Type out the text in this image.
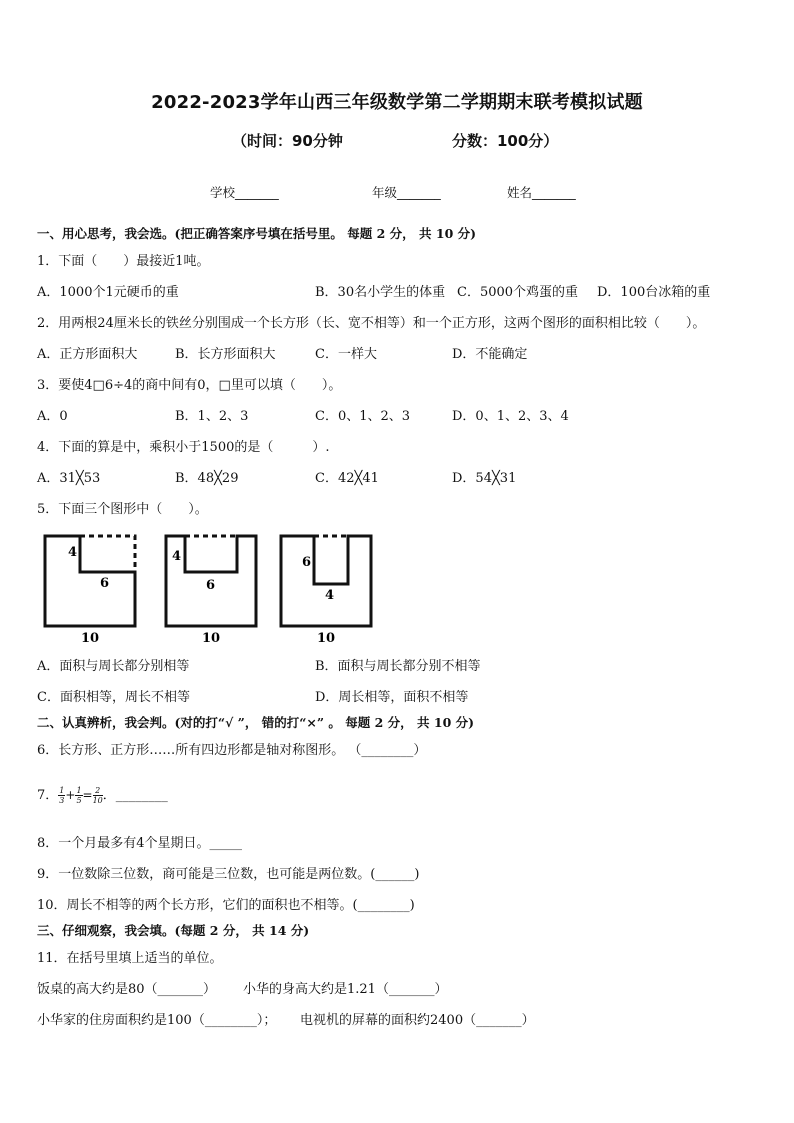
2022-2023学年山西三年级数学第二学期期末联考模拟试题
（时间：90分钟	分数：100分）
学校_______	年级_______	姓名_______
一、用心思考，我会选。(把正确答案序号填在括号里。 每题 2 分， 共 10 分)
1．下面（　　）最接近1吨。
A．1000个1元硬币的重	B．30名小学生的体重 C．5000个鸡蛋的重 D．100台冰箱的重
2．用两根24厘米长的铁丝分别围成一个长方形（长、宽不相等）和一个正方形，这两个图形的面积相比较（　　）。
A．正方形面积大	B．长方形面积大	C．一样大	D．不能确定
3．要使4□6÷4的商中间有0，□里可以填（　　）。
A．0	B．1、2、3	C．0、1、2、3	D．0、1、2、3、4
4．下面的算是中，乘积小于1500的是（　　　）.
A．31╳53	B．48╳29	C．42╳41	D．54╳31
5．下面三个图形中（　　）。
4
6
10
4
6
10
6
4
10
A．面积与周长都分别相等	B．面积与周长都分别不相等
C．面积相等，周长不相等	D．周长相等，面积不相等
二、认真辨析，我会判。(对的打“√ ”， 错的打“×” 。 每题 2 分， 共 10 分)
6．长方形、正方形……所有四边形都是轴对称图形。 （________）
7． $\frac{1}{3} + \frac{1}{5} = \frac{2}{10}$ ．________
8．一个月最多有4个星期日。_____
9．一位数除三位数，商可能是三位数，也可能是两位数。(______)
10．周长不相等的两个长方形，它们的面积也不相等。(________)
三、仔细观察，我会填。(每题 2 分， 共 14 分)
11．在括号里填上适当的单位。
饭桌的高大约是80（_______） 小华的身高大约是1.21（_______）
小华家的住房面积约是100（________）； 电视机的屏幕的面积约2400（_______）
